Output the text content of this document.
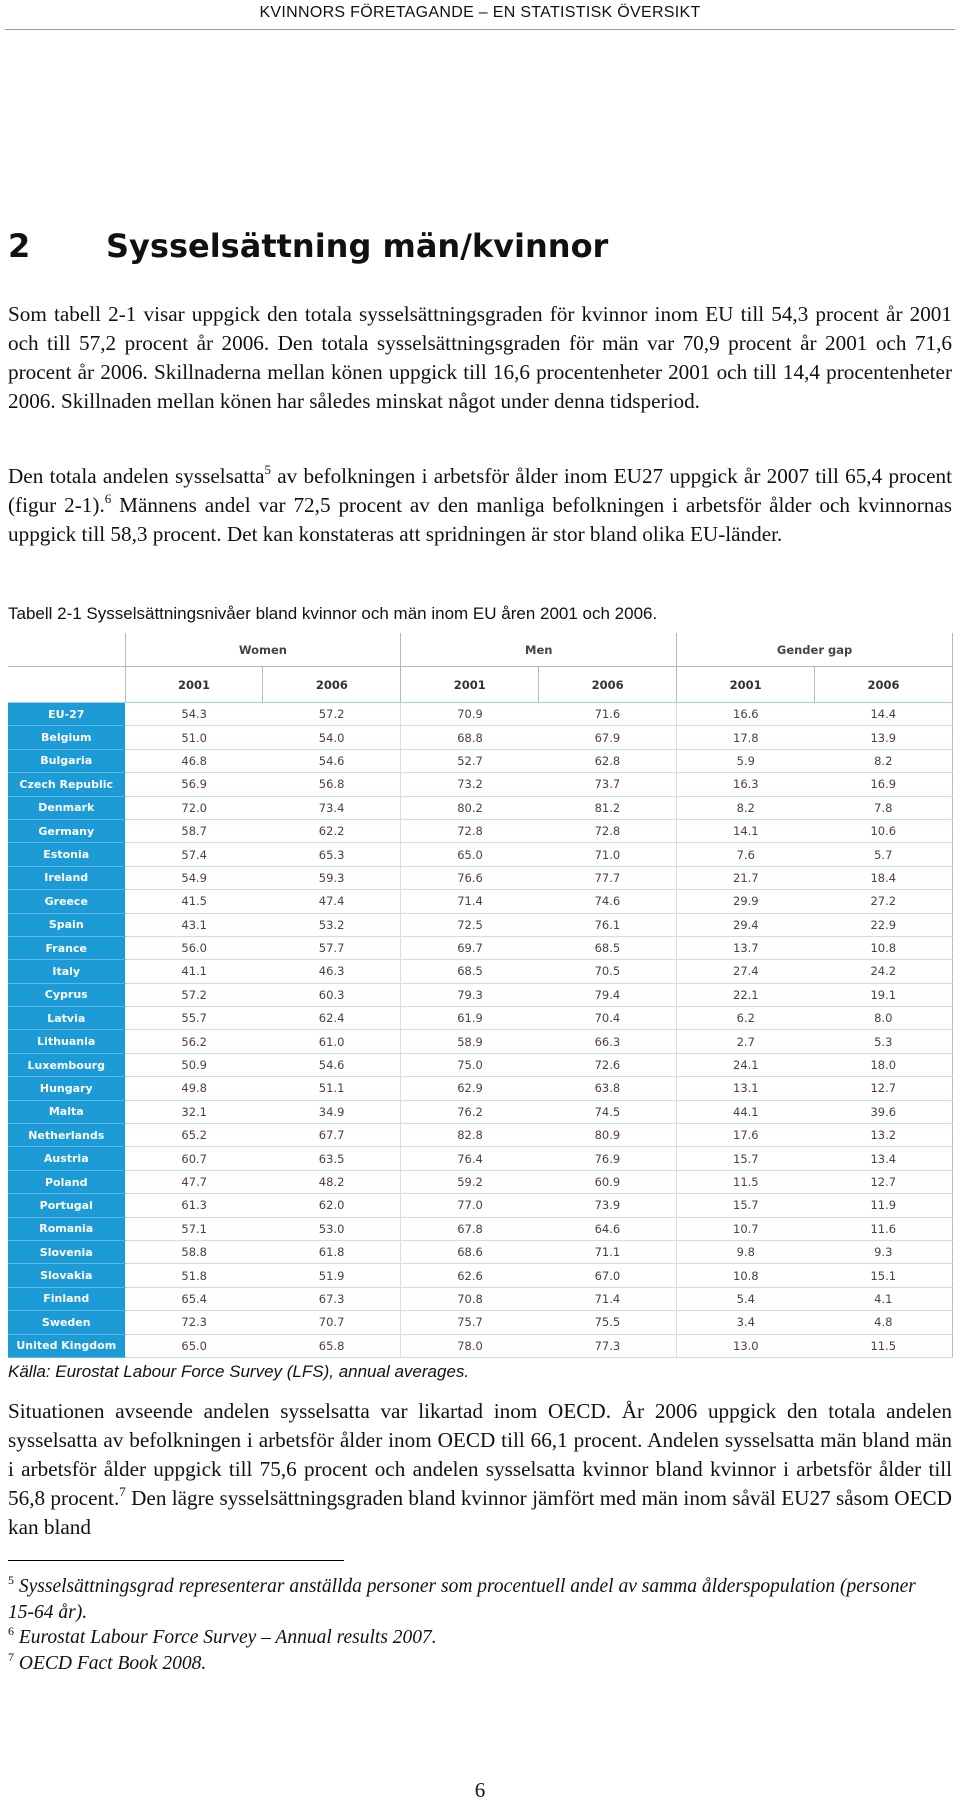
KVINNORS FÖRETAGANDE – EN STATISTISK ÖVERSIKT
2 Sysselsättning män/kvinnor

Som tabell 2-1 visar uppgick den totala sysselsättningsgraden för kvinnor inom EU till 54,3 procent år 2001 och till 57,2 procent år 2006. Den totala sysselsättningsgraden för män var 70,9 procent år 2001 och 71,6 procent år 2006. Skillnaderna mellan könen uppgick till 16,6 procentenheter 2001 och till 14,4 procentenheter 2006. Skillnaden mellan könen har således minskat något under denna tidsperiod.

Den totala andelen sysselsatta$^5$ av befolkningen i arbetsför ålder inom EU27 uppgick år 2007 till 65,4 procent (figur 2-1).$^6$ Männens andel var 72,5 procent av den manliga befolkningen i arbetsför ålder och kvinnornas uppgick till 58,3 procent. Det kan konstateras att spridningen är stor bland olika EU-länder.

Tabell 2-1 Sysselsättningsnivåer bland kvinnor och män inom EU åren 2001 och 2006.

	Women		Men		Gender gap	
	2001	2006	2001	2006	2001	2006
EU-27	54.3	57.2	70.9	71.6	16.6	14.4
Belgium	51.0	54.0	68.8	67.9	17.8	13.9
Bulgaria	46.8	54.6	52.7	62.8	5.9	8.2
Czech Republic	56.9	56.8	73.2	73.7	16.3	16.9
Denmark	72.0	73.4	80.2	81.2	8.2	7.8
Germany	58.7	62.2	72.8	72.8	14.1	10.6
Estonia	57.4	65.3	65.0	71.0	7.6	5.7
Ireland	54.9	59.3	76.6	77.7	21.7	18.4
Greece	41.5	47.4	71.4	74.6	29.9	27.2
Spain	43.1	53.2	72.5	76.1	29.4	22.9
France	56.0	57.7	69.7	68.5	13.7	10.8
Italy	41.1	46.3	68.5	70.5	27.4	24.2
Cyprus	57.2	60.3	79.3	79.4	22.1	19.1
Latvia	55.7	62.4	61.9	70.4	6.2	8.0
Lithuania	56.2	61.0	58.9	66.3	2.7	5.3
Luxembourg	50.9	54.6	75.0	72.6	24.1	18.0
Hungary	49.8	51.1	62.9	63.8	13.1	12.7
Malta	32.1	34.9	76.2	74.5	44.1	39.6
Netherlands	65.2	67.7	82.8	80.9	17.6	13.2
Austria	60.7	63.5	76.4	76.9	15.7	13.4
Poland	47.7	48.2	59.2	60.9	11.5	12.7
Portugal	61.3	62.0	77.0	73.9	15.7	11.9
Romania	57.1	53.0	67.8	64.6	10.7	11.6
Slovenia	58.8	61.8	68.6	71.1	9.8	9.3
Slovakia	51.8	51.9	62.6	67.0	10.8	15.1
Finland	65.4	67.3	70.8	71.4	5.4	4.1
Sweden	72.3	70.7	75.7	75.5	3.4	4.8
United Kingdom	65.0	65.8	78.0	77.3	13.0	11.5

Källa: Eurostat Labour Force Survey (LFS), annual averages.

Situationen avseende andelen sysselsatta var likartad inom OECD. År 2006 uppgick den totala andelen sysselsatta av befolkningen i arbetsför ålder inom OECD till 66,1 procent. Andelen sysselsatta män bland män i arbetsför ålder uppgick till 75,6 procent och andelen sysselsatta kvinnor bland kvinnor i arbetsför ålder till 56,8 procent.$^7$ Den lägre sysselsättningsgraden bland kvinnor jämfört med män inom såväl EU27 såsom OECD kan bland

$^5$ Sysselsättningsgrad representerar anställda personer som procentuell andel av samma ålderspopulation (personer 15-64 år).

$^6$ Eurostat Labour Force Survey – Annual results 2007.

$^7$ OECD Fact Book 2008.

6
